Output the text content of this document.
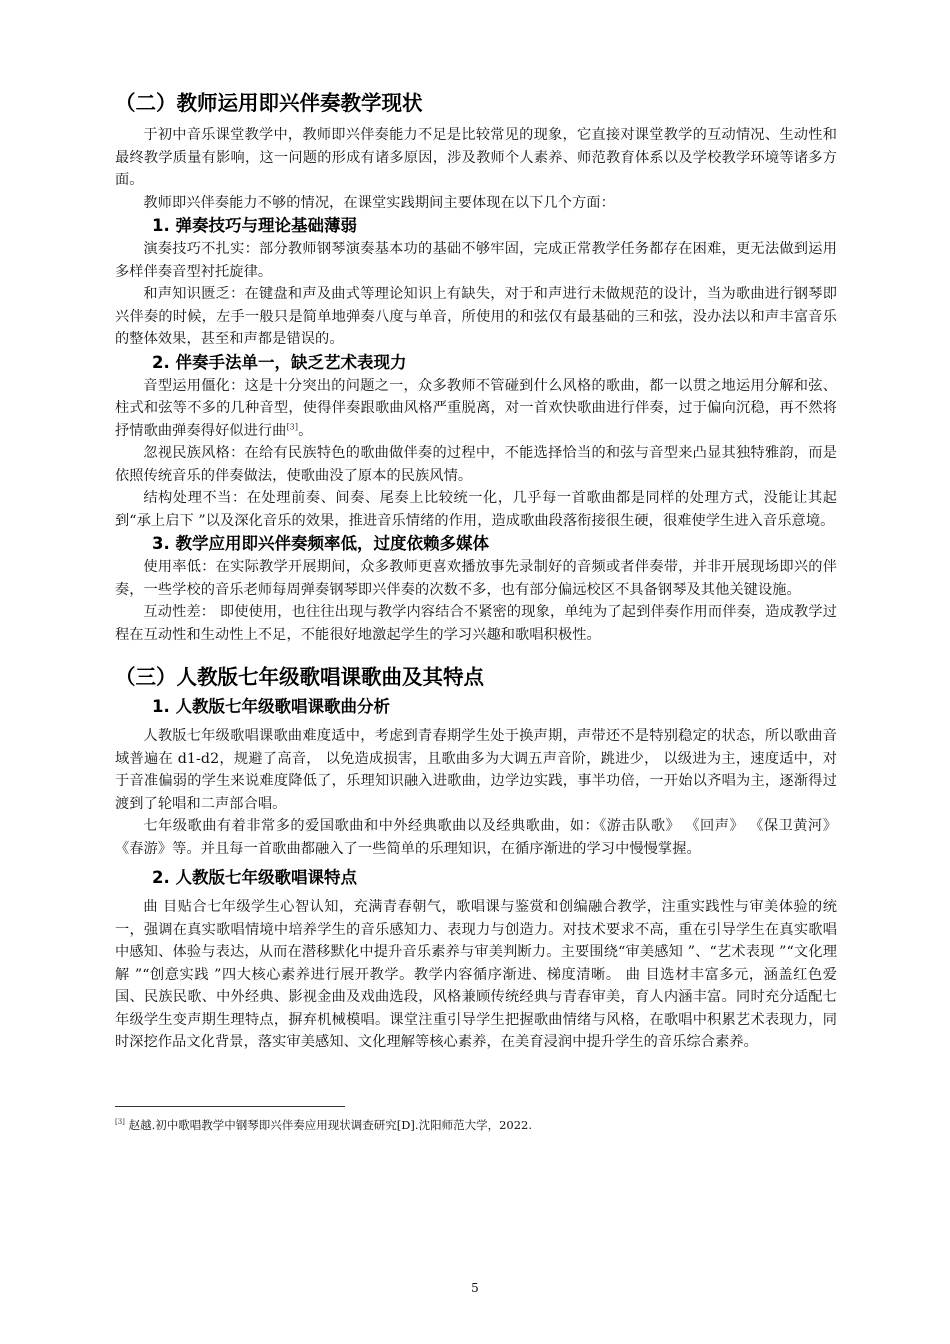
（二）教师运用即兴伴奏教学现状

于初中音乐课堂教学中，教师即兴伴奏能力不足是比较常见的现象，它直接对课堂教学的互动情况、生动性和最终教学质量有影响，这一问题的形成有诸多原因，涉及教师个人素养、师范教育体系以及学校教学环境等诸多方面。

教师即兴伴奏能力不够的情况，在课堂实践期间主要体现在以下几个方面：

1. 弹奏技巧与理论基础薄弱

演奏技巧不扎实：部分教师钢琴演奏基本功的基础不够牢固，完成正常教学任务都存在困难，更无法做到运用多样伴奏音型衬托旋律。

和声知识匮乏：在键盘和声及曲式等理论知识上有缺失，对于和声进行未做规范的设计，当为歌曲进行钢琴即兴伴奏的时候，左手一般只是简单地弹奏八度与单音，所使用的和弦仅有最基础的三和弦，没办法以和声丰富音乐的整体效果，甚至和声都是错误的。

2. 伴奏手法单一，缺乏艺术表现力

音型运用僵化：这是十分突出的问题之一，众多教师不管碰到什么风格的歌曲，都一以贯之地运用分解和弦、柱式和弦等不多的几种音型，使得伴奏跟歌曲风格严重脱离，对一首欢快歌曲进行伴奏，过于偏向沉稳，再不然将抒情歌曲弹奏得好似进行曲[3]。

忽视民族风格：在给有民族特色的歌曲做伴奏的过程中，不能选择恰当的和弦与音型来凸显其独特雅韵，而是依照传统音乐的伴奏做法，使歌曲没了原本的民族风情。

结构处理不当：在处理前奏、间奏、尾奏上比较统一化，几乎每一首歌曲都是同样的处理方式，没能让其起到“承上启下 ”以及深化音乐的效果，推进音乐情绪的作用，造成歌曲段落衔接很生硬，很难使学生进入音乐意境。

3. 教学应用即兴伴奏频率低，过度依赖多媒体

使用率低：在实际教学开展期间，众多教师更喜欢播放事先录制好的音频或者伴奏带，并非开展现场即兴的伴奏，一些学校的音乐老师每周弹奏钢琴即兴伴奏的次数不多，也有部分偏远校区不具备钢琴及其他关键设施。

互动性差： 即使使用，也往往出现与教学内容结合不紧密的现象，单纯为了起到伴奏作用而伴奏，造成教学过程在互动性和生动性上不足，不能很好地激起学生的学习兴趣和歌唱积极性。

（三）人教版七年级歌唱课歌曲及其特点
1. 人教版七年级歌唱课歌曲分析

人教版七年级歌唱课歌曲难度适中，考虑到青春期学生处于换声期，声带还不是特别稳定的状态，所以歌曲音域普遍在 d1-d2，规避了高音， 以免造成损害，且歌曲多为大调五声音阶，跳进少， 以级进为主，速度适中，对于音准偏弱的学生来说难度降低了，乐理知识融入进歌曲，边学边实践，事半功倍，一开始以齐唱为主，逐渐得过渡到了轮唱和二声部合唱。

七年级歌曲有着非常多的爱国歌曲和中外经典歌曲以及经典歌曲，如：《游击队歌》 《回声》 《保卫黄河》 《春游》等。并且每一首歌曲都融入了一些简单的乐理知识，在循序渐进的学习中慢慢掌握。

2. 人教版七年级歌唱课特点

曲 目贴合七年级学生心智认知，充满青春朝气，歌唱课与鉴赏和创编融合教学，注重实践性与审美体验的统一，强调在真实歌唱情境中培养学生的音乐感知力、表现力与创造力。对技术要求不高，重在引导学生在真实歌唱中感知、体验与表达，从而在潜移默化中提升音乐素养与审美判断力。主要围绕“审美感知 ”、“艺术表现 ”“文化理解 ”“创意实践 ”四大核心素养进行展开教学。教学内容循序渐进、梯度清晰。 曲 目选材丰富多元，涵盖红色爱国、民族民歌、中外经典、影视金曲及戏曲选段，风格兼顾传统经典与青春审美，育人内涵丰富。同时充分适配七年级学生变声期生理特点，摒弃机械模唱。课堂注重引导学生把握歌曲情绪与风格，在歌唱中积累艺术表现力，同时深挖作品文化背景，落实审美感知、文化理解等核心素养，在美育浸润中提升学生的音乐综合素养。

[3] 赵越.初中歌唱教学中钢琴即兴伴奏应用现状调查研究[D].沈阳师范大学，2022.
5
